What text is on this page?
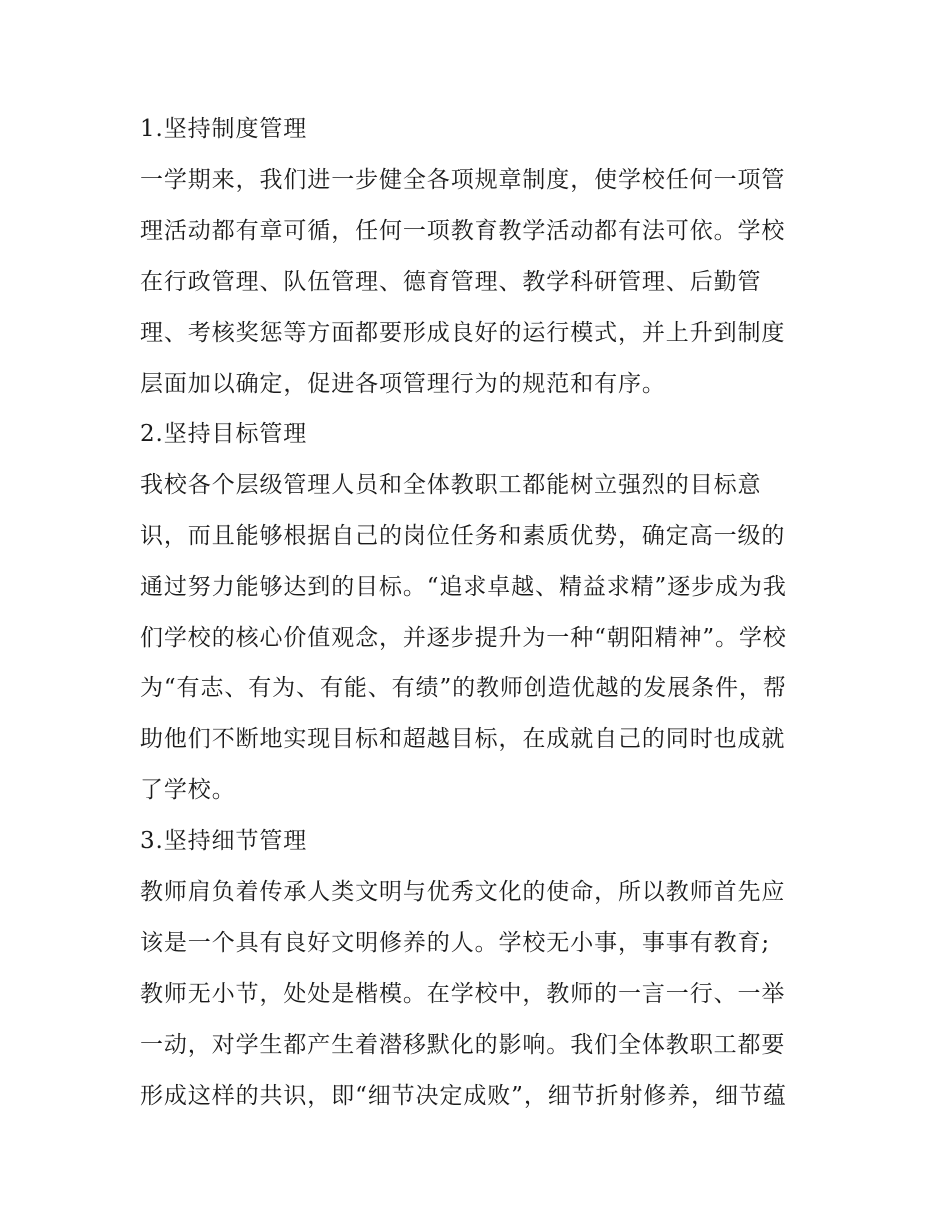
1.坚持制度管理
一学期来，我们进一步健全各项规章制度，使学校任何一项管
理活动都有章可循，任何一项教育教学活动都有法可依。学校
在行政管理、队伍管理、德育管理、教学科研管理、后勤管
理、考核奖惩等方面都要形成良好的运行模式，并上升到制度
层面加以确定，促进各项管理行为的规范和有序。
2.坚持目标管理
我校各个层级管理人员和全体教职工都能树立强烈的目标意
识，而且能够根据自己的岗位任务和素质优势，确定高一级的
通过努力能够达到的目标。“追求卓越、精益求精”逐步成为我
们学校的核心价值观念，并逐步提升为一种“朝阳精神”。学校
为“有志、有为、有能、有绩”的教师创造优越的发展条件，帮
助他们不断地实现目标和超越目标，在成就自己的同时也成就
了学校。
3.坚持细节管理
教师肩负着传承人类文明与优秀文化的使命，所以教师首先应
该是一个具有良好文明修养的人。学校无小事，事事有教育;
教师无小节，处处是楷模。在学校中，教师的一言一行、一举
一动，对学生都产生着潜移默化的影响。我们全体教职工都要
形成这样的共识，即“细节决定成败”，细节折射修养，细节蕴
